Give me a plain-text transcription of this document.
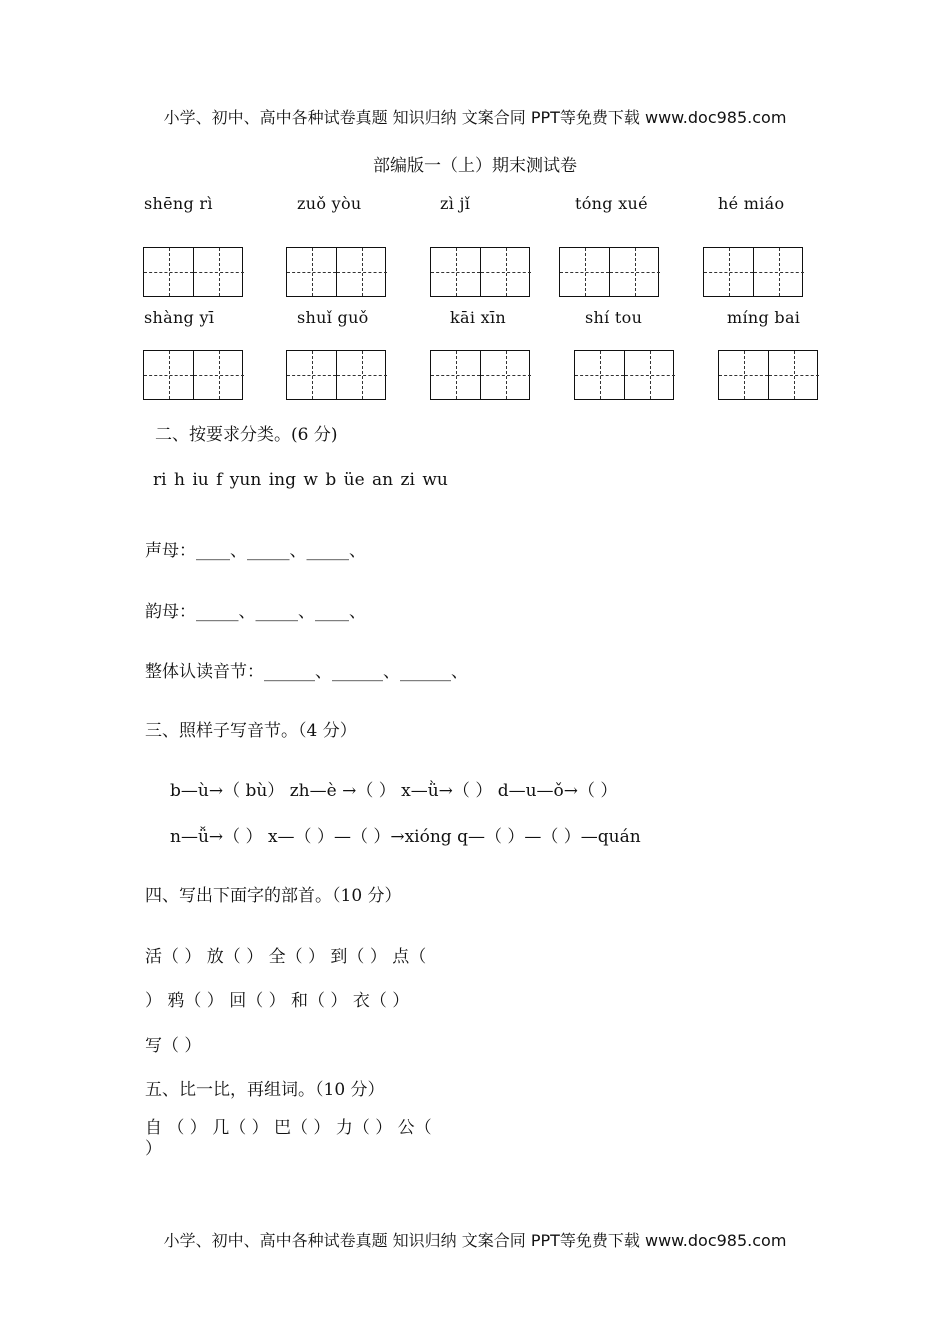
小学、初中、高中各种试卷真题 知识归纳 文案合同 PPT等免费下载 www.doc985.com
部编版一（上）期末测试卷
shēng rì	zuǒ yòu	zì jǐ	tóng xué	hé miáo
shàng yī	shuǐ guǒ	kāi xīn	shí tou	míng bai
二、按要求分类。(6 分)
ri h iu f yun ing w b üe an zi wu
声母：____、_____、_____、
韵母：_____、_____、____、
整体认读音节：______、______、______、
三、照样子写音节。（4 分）
b—ù→（ bù） zh—è →（ ） x—ǜ→（ ） d—u—ǒ→（ ）
n—ǚ→（ ） x—（ ）—（ ）→xióng q—（ ）—（ ）—quán
四、写出下面字的部首。（10 分）
活（ ） 放（ ） 全（ ） 到（ ） 点（
） 鸦（ ） 回（ ） 和（ ） 衣（ ）
写（ ）
五、比一比，再组词。（10 分）
自 （ ） 几（ ） 巴（ ） 力（ ） 公（
）
小学、初中、高中各种试卷真题 知识归纳 文案合同 PPT等免费下载 www.doc985.com
